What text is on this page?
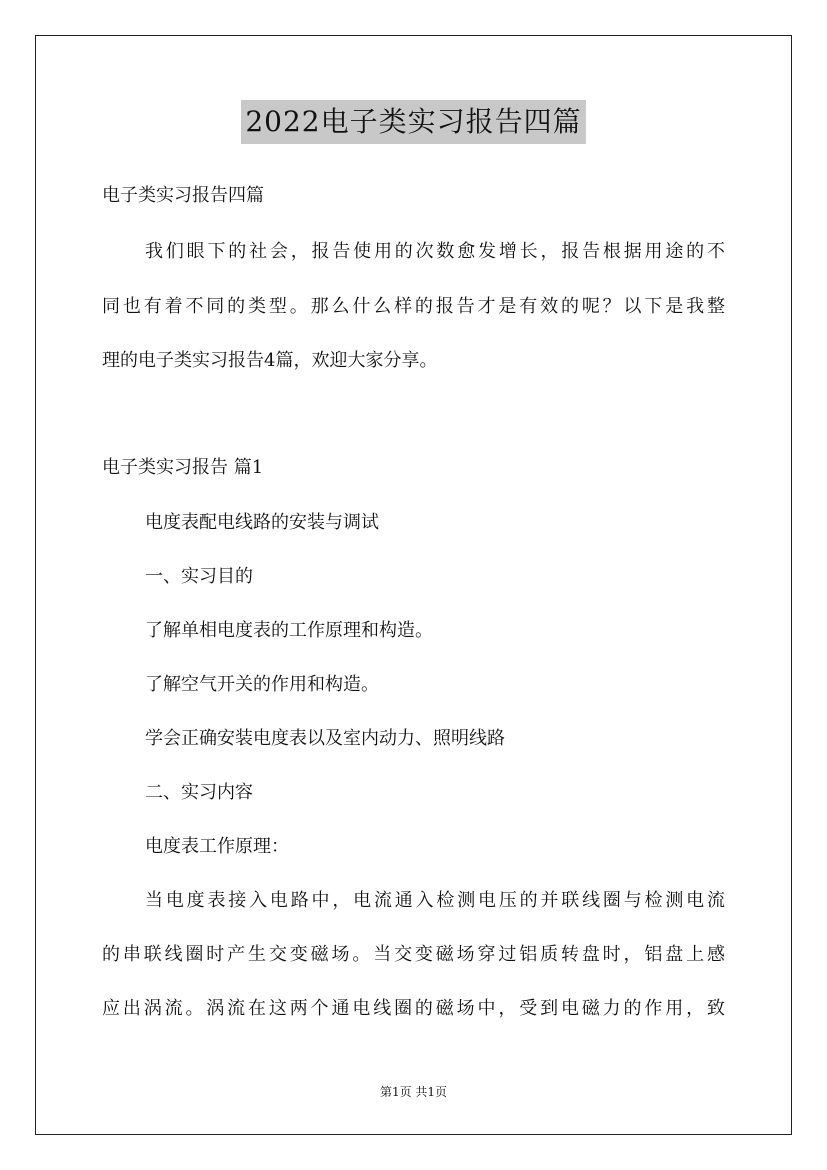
2022电子类实习报告四篇
电子类实习报告四篇
我们眼下的社会，报告使用的次数愈发增长，报告根据用途的不
同也有着不同的类型。那么什么样的报告才是有效的呢？以下是我整
理的电子类实习报告4篇，欢迎大家分享。
电子类实习报告 篇1
电度表配电线路的安装与调试
一、实习目的
了解单相电度表的工作原理和构造。
了解空气开关的作用和构造。
学会正确安装电度表以及室内动力、照明线路
二、实习内容
电度表工作原理：
当电度表接入电路中，电流通入检测电压的并联线圈与检测电流
的串联线圈时产生交变磁场。当交变磁场穿过铝质转盘时，铝盘上感
应出涡流。涡流在这两个通电线圈的磁场中，受到电磁力的作用，致
第1页 共1页
